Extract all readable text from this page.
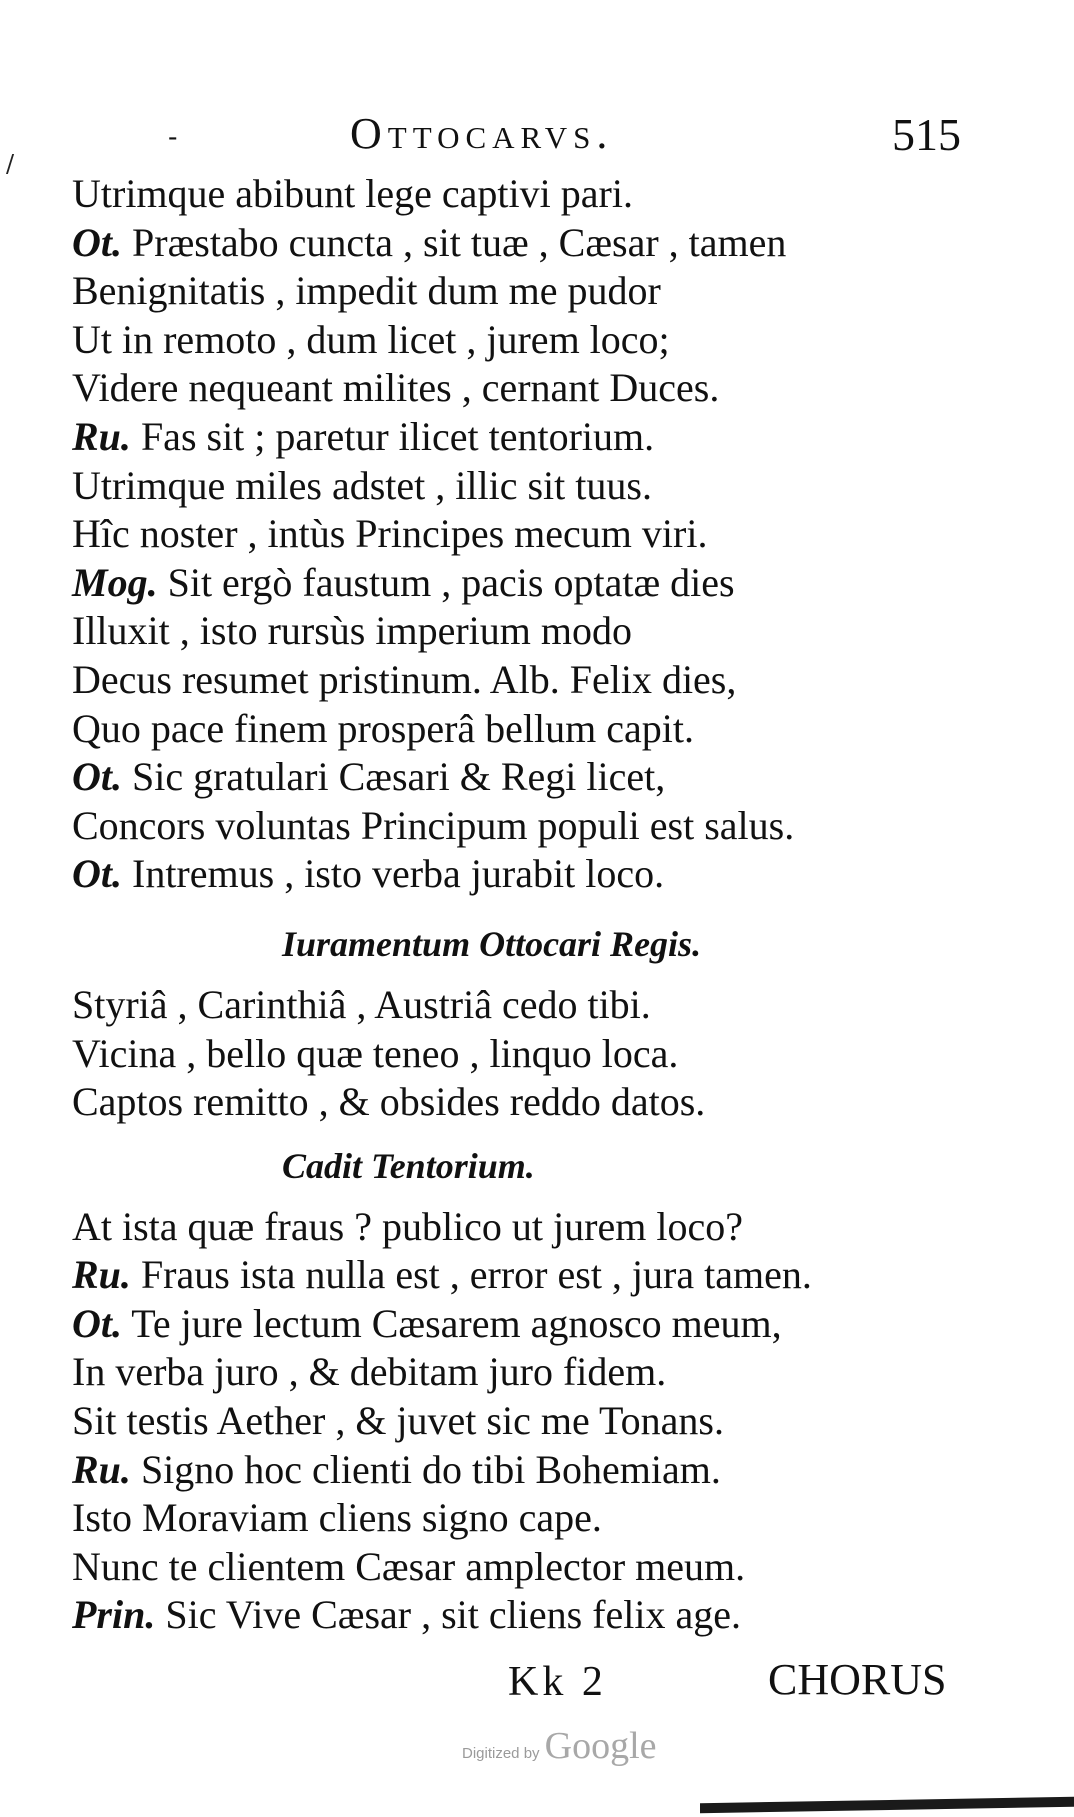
-	Ottocarvs.	515
/
Utrimque abibunt lege captivi pari.
Ot. Præstabo cuncta , sit tuæ , Cæsar , tamen
Benignitatis , impedit dum me pudor
Ut in remoto , dum licet , jurem loco;
Videre nequeant milites , cernant Duces.
Ru. Fas sit ; paretur ilicet tentorium.
Utrimque miles adstet , illic sit tuus.
Hîc noster , intùs Principes mecum viri.
Mog. Sit ergò faustum , pacis optatæ dies
Illuxit , isto rursùs imperium modo
Decus resumet pristinum. Alb. Felix dies,
Quo pace finem prosperâ bellum capit.
Ot. Sic gratulari Cæsari & Regi licet,
Concors voluntas Principum populi est salus.
Ot. Intremus , isto verba jurabit loco.
Iuramentum Ottocari Regis.
Styriâ , Carinthiâ , Austriâ cedo tibi.
Vicina , bello quæ teneo , linquo loca.
Captos remitto , & obsides reddo datos.
Cadit Tentorium.
At ista quæ fraus ? publico ut jurem loco?
Ru. Fraus ista nulla est , error est , jura tamen.
Ot. Te jure lectum Cæsarem agnosco meum,
In verba juro , & debitam juro fidem.
Sit testis Aether , & juvet sic me Tonans.
Ru. Signo hoc clienti do tibi Bohemiam.
Isto Moraviam cliens signo cape.
Nunc te clientem Cæsar amplector meum.
Prin. Sic Vive Cæsar , sit cliens felix age.
Kk 2	CHORUS
Digitized by Google
